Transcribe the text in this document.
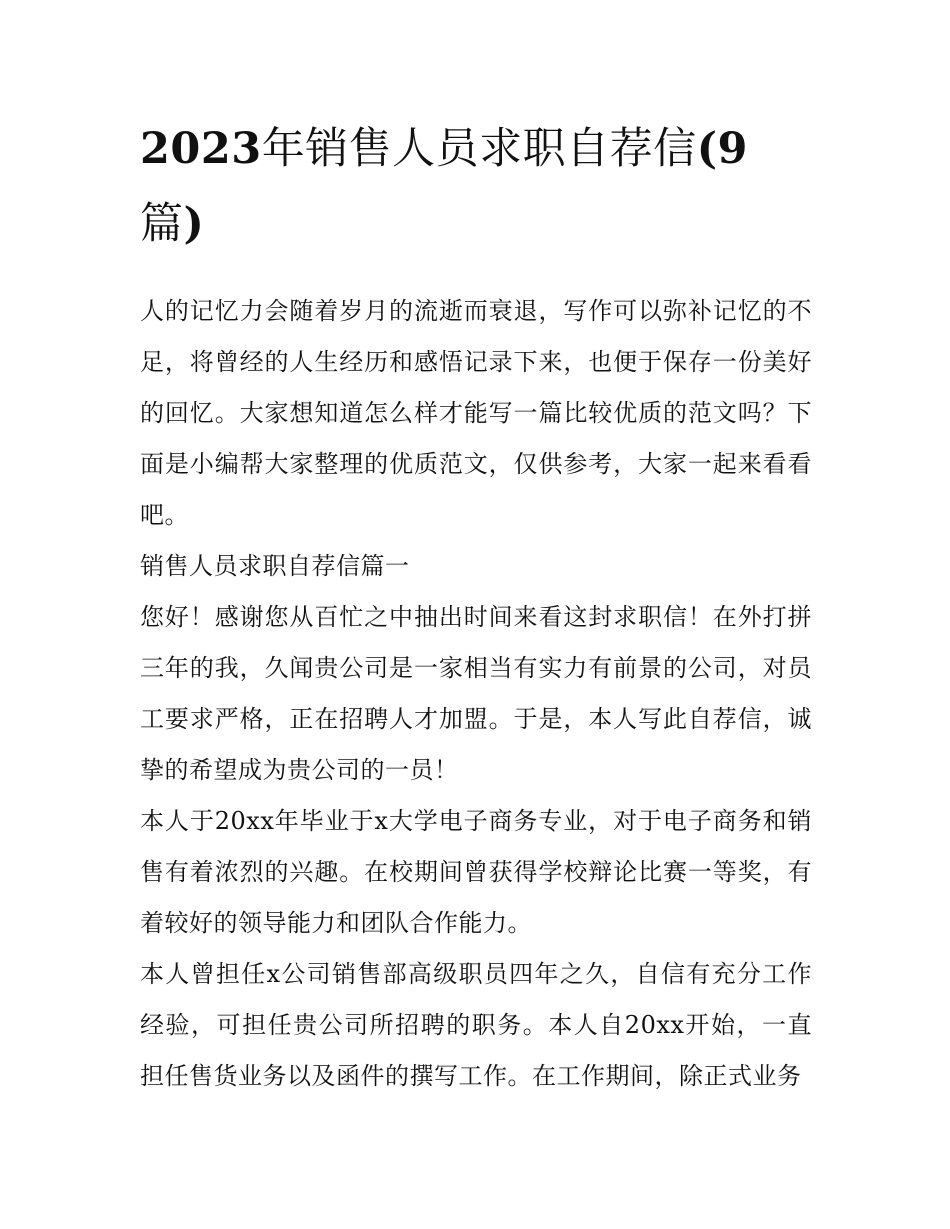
2023年销售人员求职自荐信(9篇)

人的记忆力会随着岁月的流逝而衰退，写作可以弥补记忆的不足，将曾经的人生经历和感悟记录下来，也便于保存一份美好的回忆。大家想知道怎么样才能写一篇比较优质的范文吗？下面是小编帮大家整理的优质范文，仅供参考，大家一起来看看吧。

销售人员求职自荐信篇一

您好！感谢您从百忙之中抽出时间来看这封求职信！在外打拼三年的我，久闻贵公司是一家相当有实力有前景的公司，对员工要求严格，正在招聘人才加盟。于是，本人写此自荐信，诚挚的希望成为贵公司的一员！

本人于20xx年毕业于x大学电子商务专业，对于电子商务和销售有着浓烈的兴趣。在校期间曾获得学校辩论比赛一等奖，有着较好的领导能力和团队合作能力。

本人曾担任x公司销售部高级职员四年之久，自信有充分工作经验，可担任贵公司所招聘的职务。本人自20xx开始，一直担任售货业务以及函件的撰写工作。在工作期间，除正式业务
